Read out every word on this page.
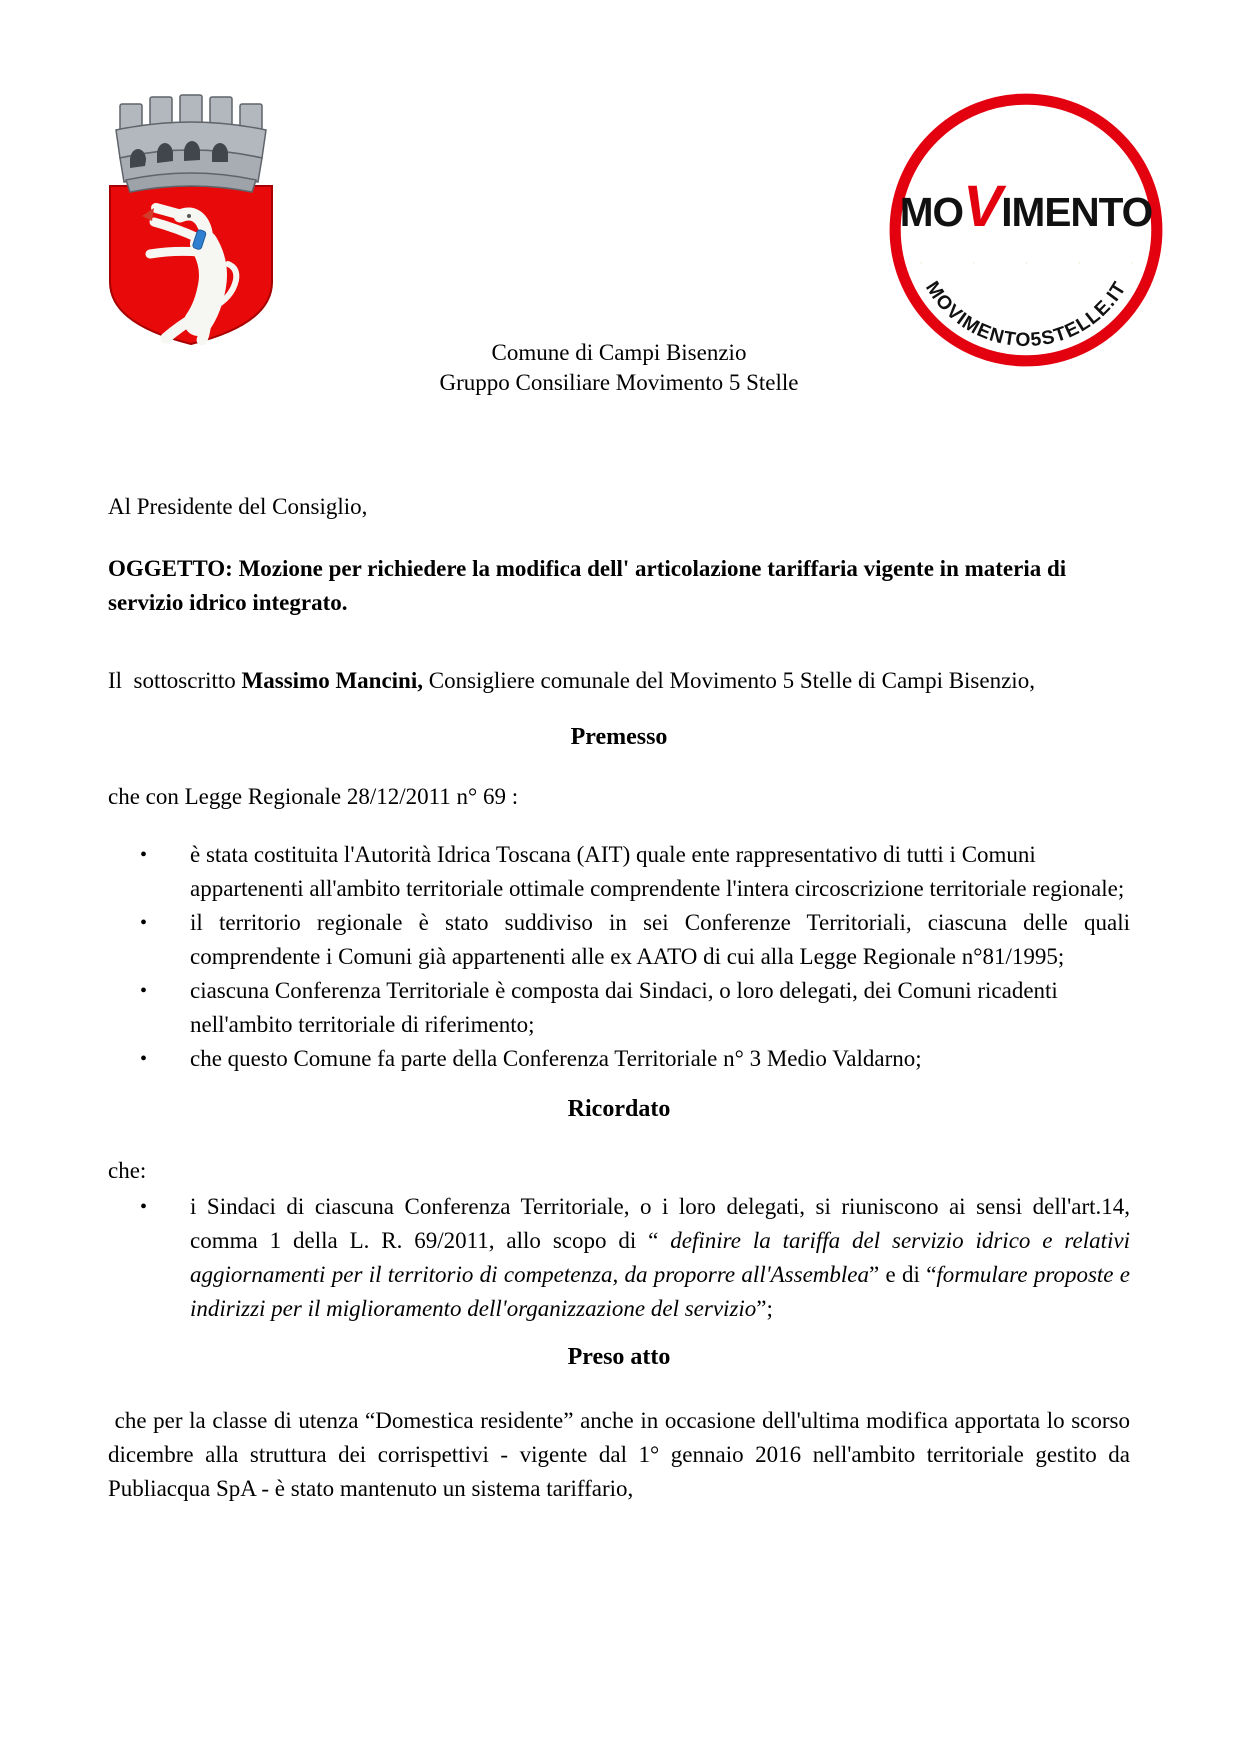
MOVIMENTO
MOVIMENTO5STELLE.IT
Comune di Campi Bisenzio
Gruppo Consiliare Movimento 5 Stelle

Al Presidente del Consiglio,

OGGETTO: Mozione per richiedere la modifica dell' articolazione tariffaria vigente in materia di  servizio idrico integrato.

Il  sottoscritto Massimo Mancini, Consigliere comunale del Movimento 5 Stelle di Campi Bisenzio,

Premesso

che con Legge Regionale 28/12/2011 n° 69 :

•	è stata costituita l'Autorità Idrica Toscana (AIT) quale ente rappresentativo di tutti i Comuni appartenenti all'ambito territoriale ottimale comprendente l'intera circoscrizione territoriale regionale;

•	il territorio regionale è stato suddiviso in sei Conferenze Territoriali, ciascuna delle quali comprendente i Comuni già appartenenti alle ex AATO di cui alla Legge Regionale n°81/1995;

•	ciascuna Conferenza Territoriale è composta dai Sindaci, o loro delegati, dei Comuni ricadenti nell'ambito territoriale di riferimento;

•	che questo Comune fa parte della Conferenza Territoriale n° 3 Medio Valdarno;

Ricordato

che:

•	i Sindaci di ciascuna Conferenza Territoriale, o i loro delegati, si riuniscono ai sensi dell'art.14, comma 1 della L. R. 69/2011, allo scopo di “ definire la tariffa del servizio idrico e relativi aggiornamenti per il territorio di competenza, da proporre all'Assemblea” e di “formulare proposte e indirizzi per il miglioramento dell'organizzazione del servizio”;

Preso atto

che per la classe di utenza “Domestica residente” anche in occasione dell'ultima modifica apportata lo scorso dicembre alla struttura dei corrispettivi - vigente dal 1° gennaio 2016 nell'ambito territoriale gestito da Publiacqua SpA - è stato mantenuto un sistema tariffario,
